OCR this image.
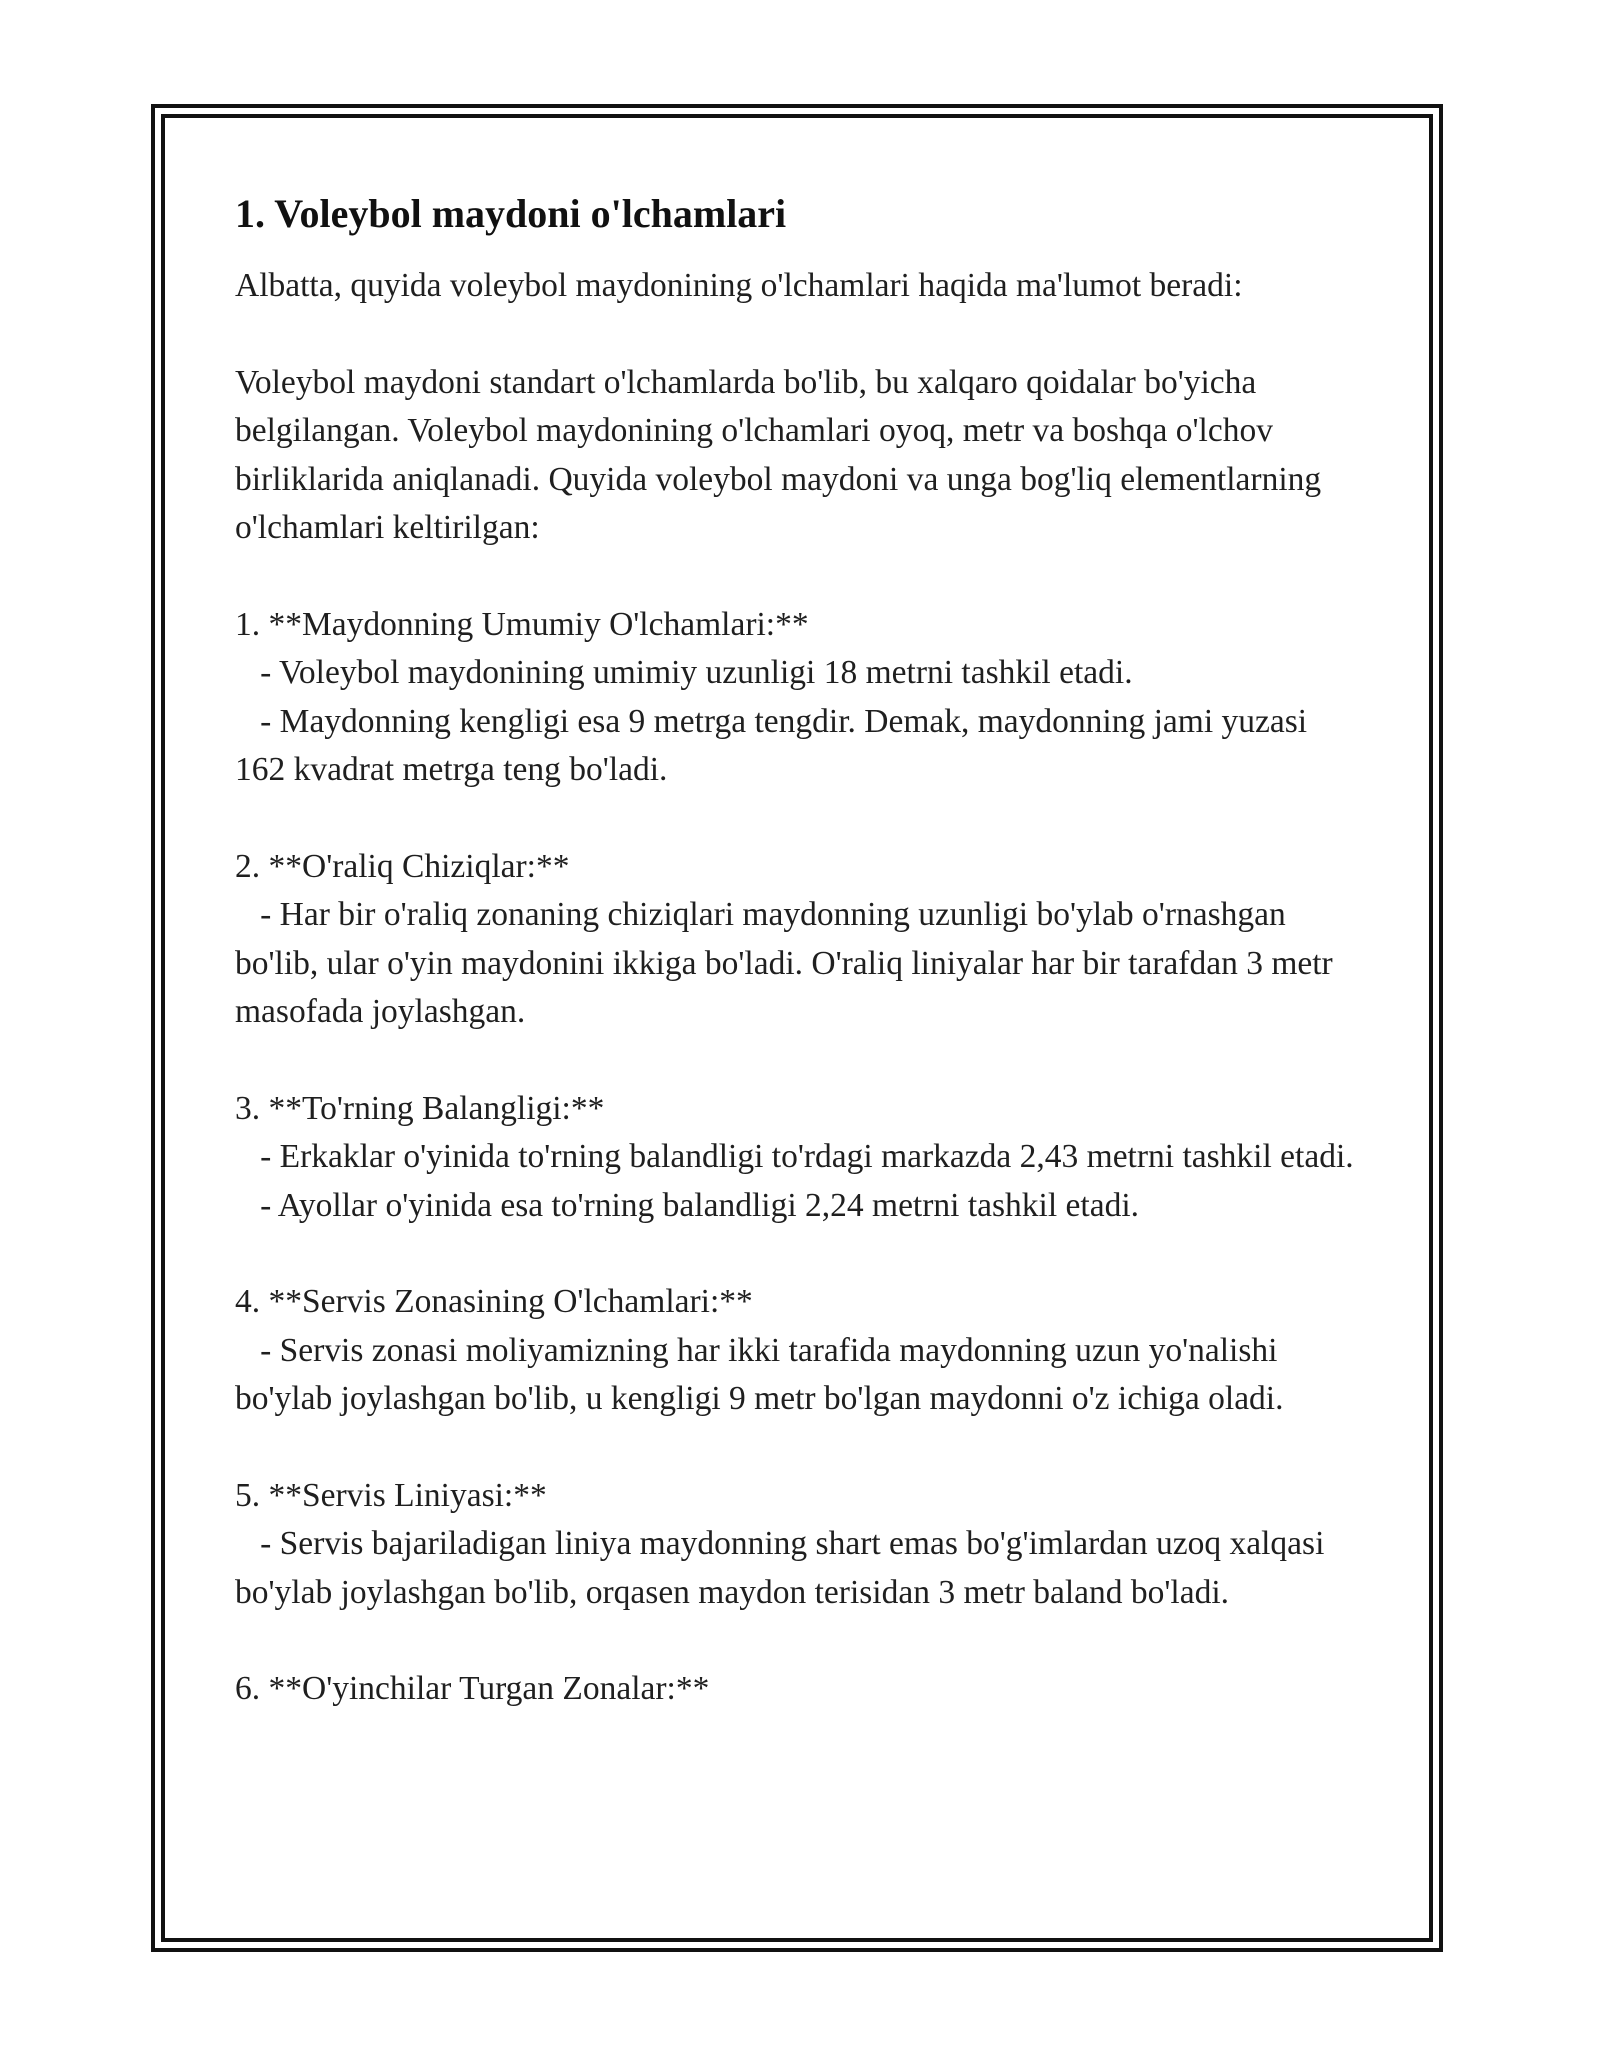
1. Voleybol maydoni o'lchamlari

Albatta, quyida voleybol maydonining o'lchamlari haqida ma'lumot beradi:

Voleybol maydoni standart o'lchamlarda bo'lib, bu xalqaro qoidalar bo'yicha belgilangan. Voleybol maydonining o'lchamlari oyoq, metr va boshqa o'lchov birliklarida aniqlanadi. Quyida voleybol maydoni va unga bog'liq elementlarning o'lchamlari keltirilgan:

1. **Maydonning Umumiy O'lchamlari:**

- Voleybol maydonining umimiy uzunligi 18 metrni tashkil etadi.

- Maydonning kengligi esa 9 metrga tengdir. Demak, maydonning jami yuzasi 162 kvadrat metrga teng bo'ladi.

2. **O'raliq Chiziqlar:**

- Har bir o'raliq zonaning chiziqlari maydonning uzunligi bo'ylab o'rnashgan bo'lib, ular o'yin maydonini ikkiga bo'ladi. O'raliq liniyalar har bir tarafdan 3 metr masofada joylashgan.

3. **To'rning Balangligi:**

- Erkaklar o'yinida to'rning balandligi to'rdagi markazda 2,43 metrni tashkil etadi.

- Ayollar o'yinida esa to'rning balandligi 2,24 metrni tashkil etadi.

4. **Servis Zonasining O'lchamlari:**

- Servis zonasi moliyamizning har ikki tarafida maydonning uzun yo'nalishi bo'ylab joylashgan bo'lib, u kengligi 9 metr bo'lgan maydonni o'z ichiga oladi.

5. **Servis Liniyasi:**

- Servis bajariladigan liniya maydonning shart emas bo'g'imlardan uzoq xalqasi bo'ylab joylashgan bo'lib, orqasen maydon terisidan 3 metr baland bo'ladi.

6. **O'yinchilar Turgan Zonalar:**
